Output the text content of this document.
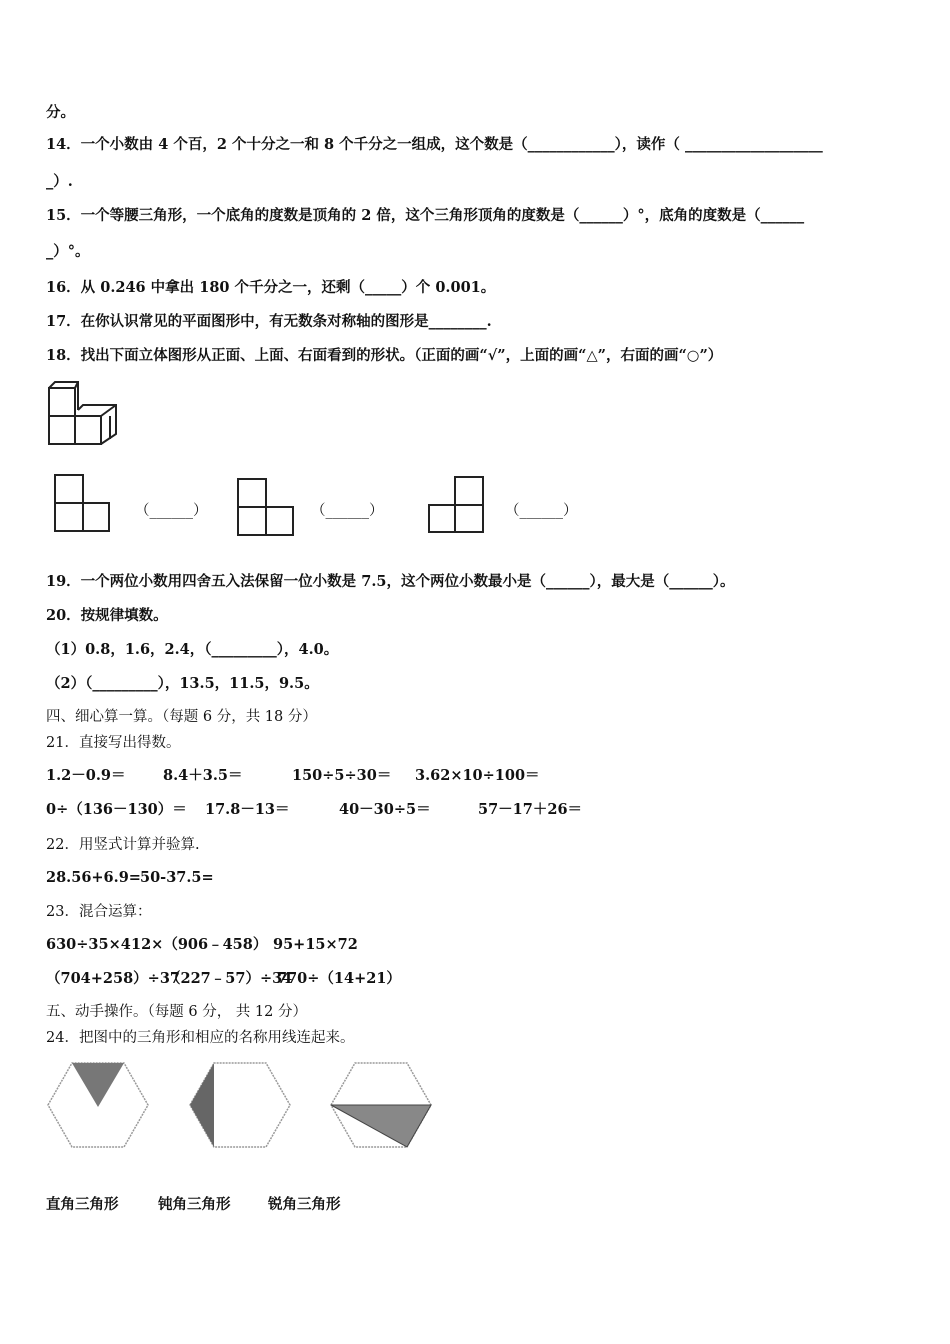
分。
14．一个小数由 4 个百，2 个十分之一和 8 个千分之一组成，这个数是（____________），读作（ ___________________
_）.
15．一个等腰三角形，一个底角的度数是顶角的 2 倍，这个三角形顶角的度数是（______）°，底角的度数是（______
_）°。
16．从 0.246 中拿出 180 个千分之一，还剩（_____）个 0.001。
17．在你认识常见的平面图形中，有无数条对称轴的图形是________.
18．找出下面立体图形从正面、上面、右面看到的形状。（正面的画“√”，上面的画“△”，右面的画“○”）
（______）	（______）	（______）
19．一个两位小数用四舍五入法保留一位小数是 7.5，这个两位小数最小是（______），最大是（______）。
20．按规律填数。
（1）0.8，1.6，2.4，（_________），4.0。
（2）（_________），13.5，11.5，9.5。
四、细心算一算。（每题 6 分，共 18 分）
21．直接写出得数。
1.2－0.9＝	8.4＋3.5＝	150÷5÷30＝ 3.62×10÷100＝
0÷（136－130）＝ 17.8－13＝	40－30÷5＝	57－17＋26＝
22．用竖式计算并验算.
28.56+6.9= 50-37.5=
23．混合运算：
630÷35×4 12×（906﹣458） 95+15×72
（704+258）÷37
（227﹣57）÷34
770÷（14+21）
五、动手操作。（每题 6 分， 共 12 分）
24．把图中的三角形和相应的名称用线连起来。
直角三角形	钝角三角形	锐角三角形
